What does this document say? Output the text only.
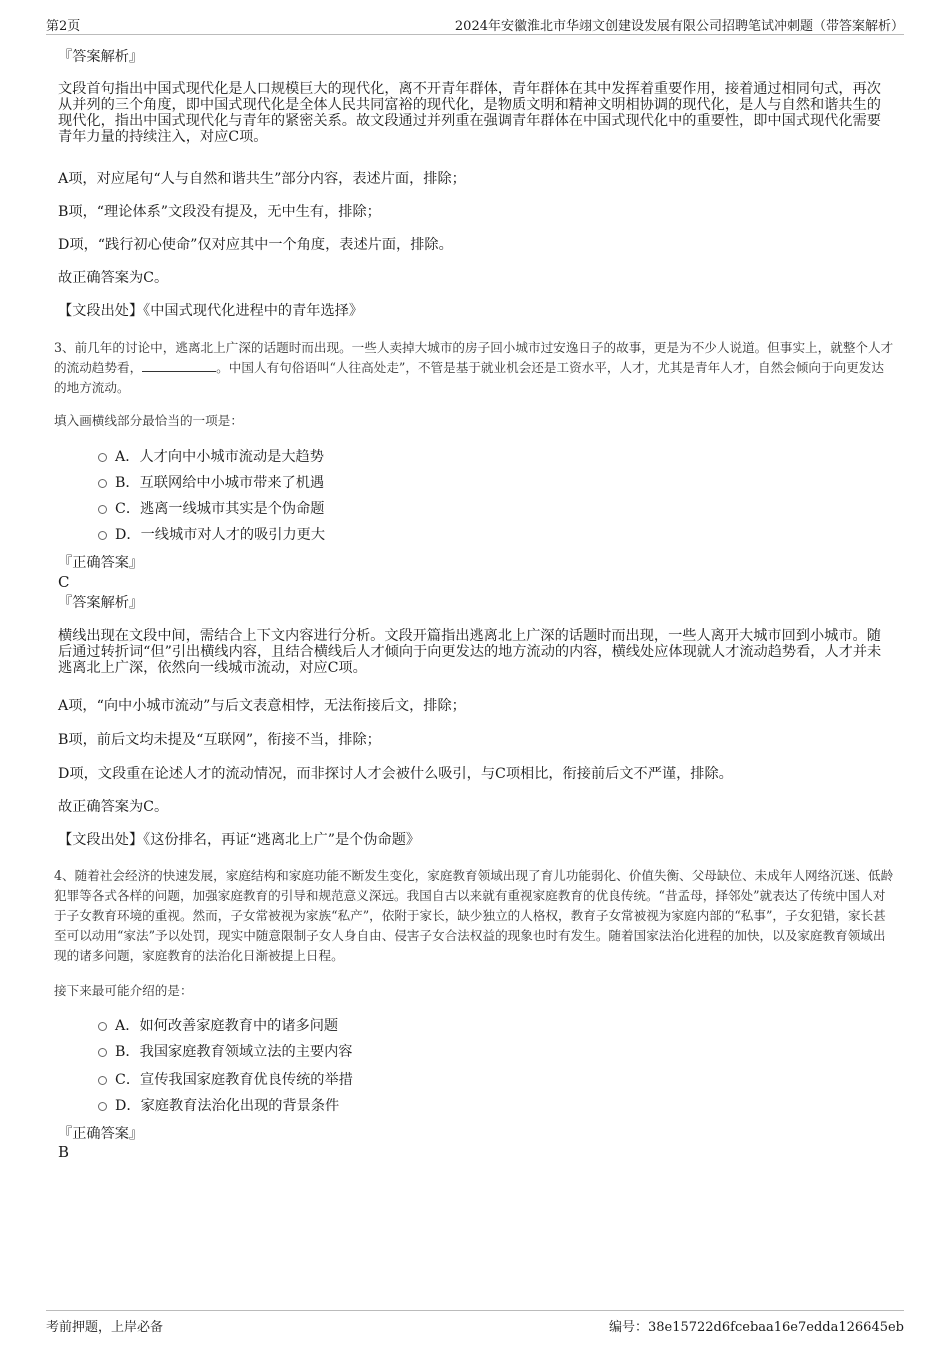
第2页	2024年安徽淮北市华翊文创建设发展有限公司招聘笔试冲刺题（带答案解析）
『答案解析』
文段首句指出中国式现代化是人口规模巨大的现代化，离不开青年群体，青年群体在其中发挥着重要作用，接着通过相同句式，再次从并列的三个角度，即中国式现代化是全体人民共同富裕的现代化，是物质文明和精神文明相协调的现代化，是人与自然和谐共生的现代化，指出中国式现代化与青年的紧密关系。故文段通过并列重在强调青年群体在中国式现代化中的重要性，即中国式现代化需要青年力量的持续注入，对应C项。
A项，对应尾句“人与自然和谐共生”部分内容，表述片面，排除；
B项，“理论体系”文段没有提及，无中生有，排除；
D项，“践行初心使命”仅对应其中一个角度，表述片面，排除。
故正确答案为C。
【文段出处】《中国式现代化进程中的青年选择》
3、前几年的讨论中，逃离北上广深的话题时而出现。一些人卖掉大城市的房子回小城市过安逸日子的故事，更是为不少人说道。但事实上，就整个人才的流动趋势看，	。中国人有句俗语叫“人往高处走”，不管是基于就业机会还是工资水平，人才，尤其是青年人才，自然会倾向于向更发达的地方流动。
填入画横线部分最恰当的一项是：
A．人才向中小城市流动是大趋势
B．互联网给中小城市带来了机遇
C．逃离一线城市其实是个伪命题
D．一线城市对人才的吸引力更大
『正确答案』
C
『答案解析』
横线出现在文段中间，需结合上下文内容进行分析。文段开篇指出逃离北上广深的话题时而出现，一些人离开大城市回到小城市。随后通过转折词“但”引出横线内容，且结合横线后人才倾向于向更发达的地方流动的内容，横线处应体现就人才流动趋势看，人才并未逃离北上广深，依然向一线城市流动，对应C项。
A项，“向中小城市流动”与后文表意相悖，无法衔接后文，排除；
B项，前后文均未提及“互联网”，衔接不当，排除；
D项，文段重在论述人才的流动情况，而非探讨人才会被什么吸引，与C项相比，衔接前后文不严谨，排除。
故正确答案为C。
【文段出处】《这份排名，再证“逃离北上广”是个伪命题》
4、随着社会经济的快速发展，家庭结构和家庭功能不断发生变化，家庭教育领域出现了育儿功能弱化、价值失衡、父母缺位、未成年人网络沉迷、低龄犯罪等各式各样的问题，加强家庭教育的引导和规范意义深远。我国自古以来就有重视家庭教育的优良传统。“昔孟母，择邻处”就表达了传统中国人对于子女教育环境的重视。然而，子女常被视为家族“私产”，依附于家长，缺少独立的人格权，教育子女常被视为家庭内部的“私事”，子女犯错，家长甚至可以动用“家法”予以处罚，现实中随意限制子女人身自由、侵害子女合法权益的现象也时有发生。随着国家法治化进程的加快，以及家庭教育领域出现的诸多问题，家庭教育的法治化日渐被提上日程。
接下来最可能介绍的是：
A．如何改善家庭教育中的诸多问题
B．我国家庭教育领域立法的主要内容
C．宣传我国家庭教育优良传统的举措
D．家庭教育法治化出现的背景条件
『正确答案』
B
考前押题，上岸必备	编号：38e15722d6fcebaa16e7edda126645eb
